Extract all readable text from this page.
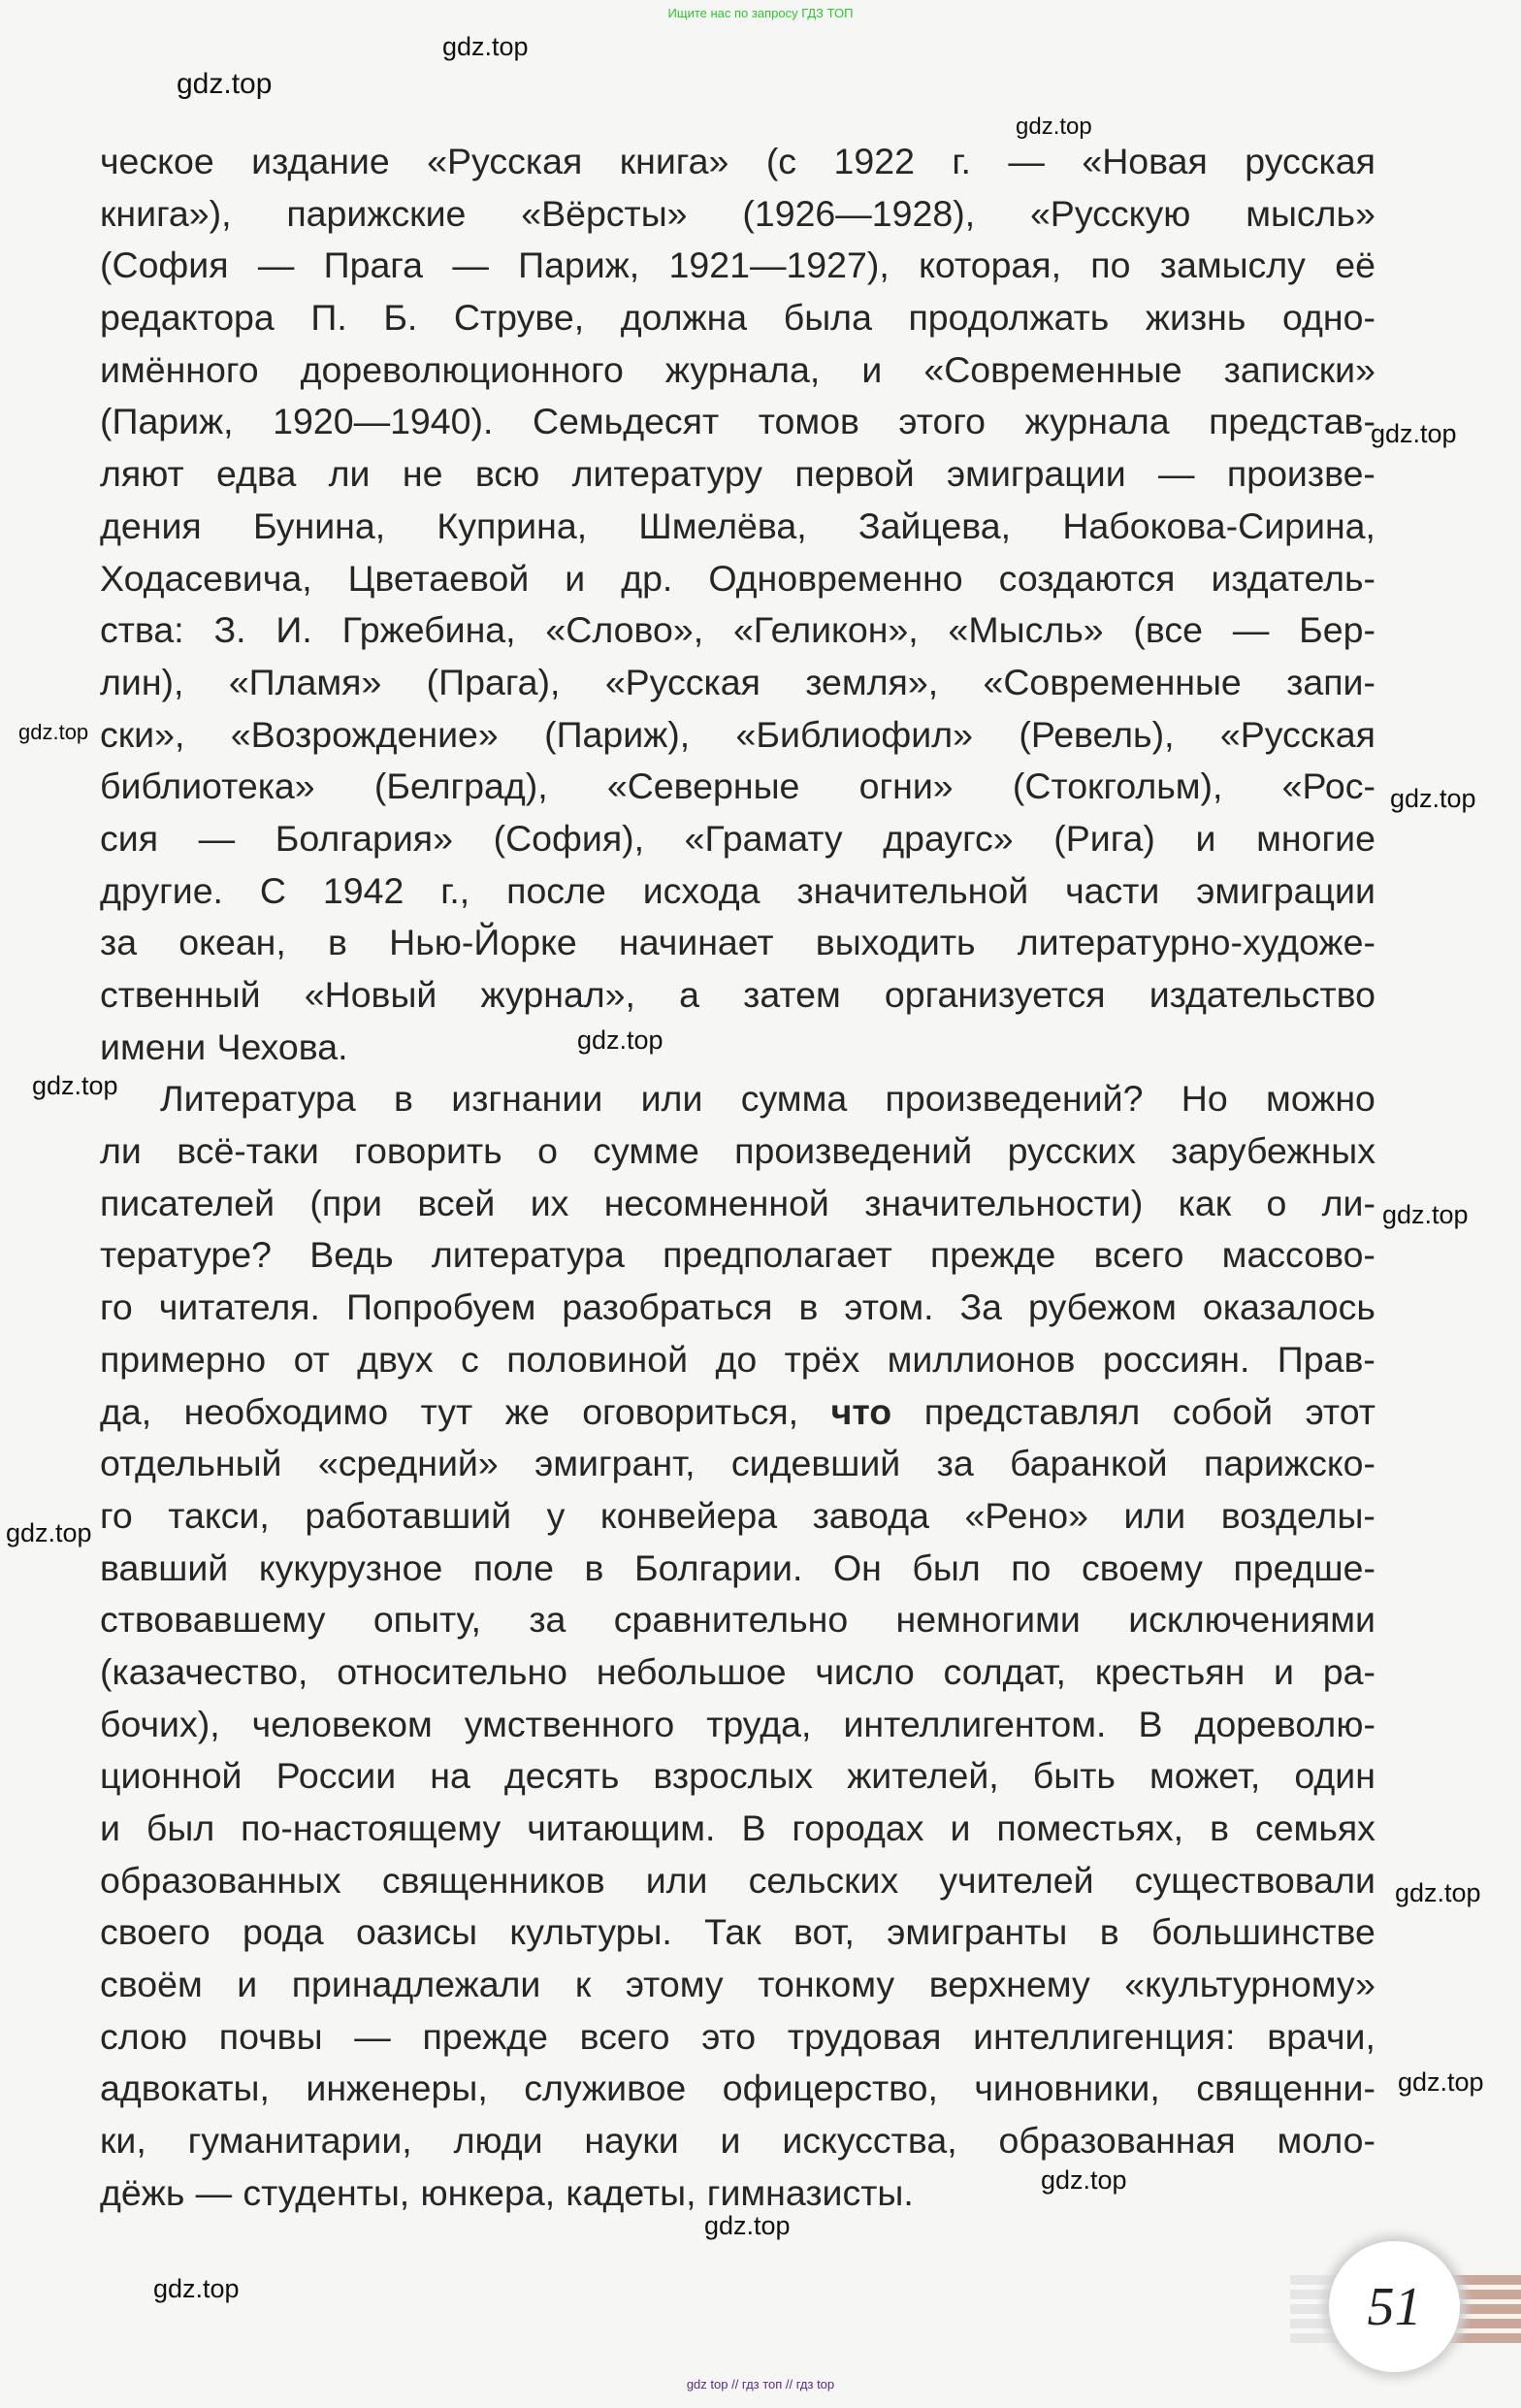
Ищите нас по запросу ГДЗ ТОП
ческое издание «Русская книга» (с 1922 г. — «Новая русская
книга»), парижские «Вёрсты» (1926—1928), «Русскую мысль»
(София — Прага — Париж, 1921—1927), которая, по замыслу её
редактора П. Б. Струве, должна была продолжать жизнь одно-
имённого дореволюционного журнала, и «Современные записки»
(Париж, 1920—1940). Семьдесят томов этого журнала представ-
ляют едва ли не всю литературу первой эмиграции — произве-
дения Бунина, Куприна, Шмелёва, Зайцева, Набокова-Сирина,
Ходасевича, Цветаевой и др. Одновременно создаются издатель-
ства: З. И. Гржебина, «Слово», «Геликон», «Мысль» (все — Бер-
лин), «Пламя» (Прага), «Русская земля», «Современные запи-
ски», «Возрождение» (Париж), «Библиофил» (Ревель), «Русская
библиотека» (Белград), «Северные огни» (Стокгольм), «Рос-
сия — Болгария» (София), «Грамату драугс» (Рига) и многие
другие. С 1942 г., после исхода значительной части эмиграции
за океан, в Нью-Йорке начинает выходить литературно-художе-
ственный «Новый журнал», а затем организуется издательство
имени Чехова.
Литература в изгнании или сумма произведений? Но можно
ли всё-таки говорить о сумме произведений русских зарубежных
писателей (при всей их несомненной значительности) как о ли-
тературе? Ведь литература предполагает прежде всего массово-
го читателя. Попробуем разобраться в этом. За рубежом оказалось
примерно от двух с половиной до трёх миллионов россиян. Прав-
да, необходимо тут же оговориться, что представлял собой этот
отдельный «средний» эмигрант, сидевший за баранкой парижско-
го такси, работавший у конвейера завода «Рено» или возделы-
вавший кукурузное поле в Болгарии. Он был по своему предше-
ствовавшему опыту, за сравнительно немногими исключениями
(казачество, относительно небольшое число солдат, крестьян и ра-
бочих), человеком умственного труда, интеллигентом. В дореволю-
ционной России на десять взрослых жителей, быть может, один
и был по-настоящему читающим. В городах и поместьях, в семьях
образованных священников или сельских учителей существовали
своего рода оазисы культуры. Так вот, эмигранты в большинстве
своём и принадлежали к этому тонкому верхнему «культурному»
слою почвы — прежде всего это трудовая интеллигенция: врачи,
адвокаты, инженеры, служивое офицерство, чиновники, священни-
ки, гуманитарии, люди науки и искусства, образованная моло-
дёжь — студенты, юнкера, кадеты, гимназисты.
gdz.top
gdz.top
gdz.top
gdz.top
gdz.top
gdz.top
gdz.top
gdz.top
gdz.top
gdz.top
gdz.top
gdz.top
gdz.top
gdz.top
gdz.top	51
gdz top // гдз топ // гдз top
